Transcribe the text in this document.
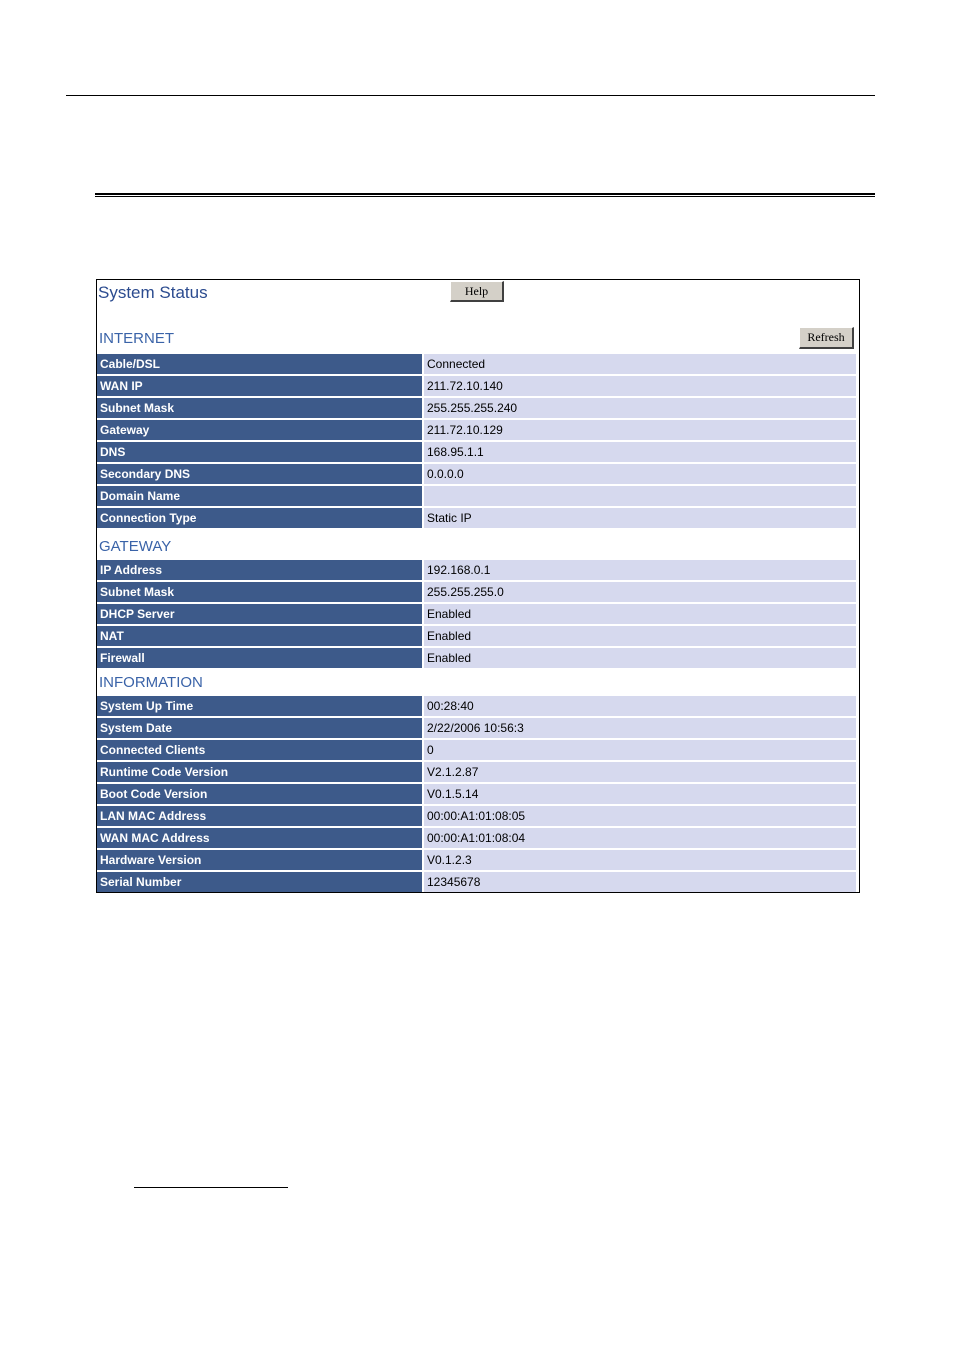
System Status	Help
Refresh
INTERNET
Cable/DSL	Connected
WAN IP	211.72.10.140
Subnet Mask	255.255.255.240
Gateway	211.72.10.129
DNS	168.95.1.1
Secondary DNS	0.0.0.0
Domain Name
Connection Type	Static IP
GATEWAY
IP Address	192.168.0.1
Subnet Mask	255.255.255.0
DHCP Server	Enabled
NAT	Enabled
Firewall	Enabled
INFORMATION
System Up Time	00:28:40
System Date	2/22/2006 10:56:3
Connected Clients	0
Runtime Code Version	V2.1.2.87
Boot Code Version	V0.1.5.14
LAN MAC Address	00:00:A1:01:08:05
WAN MAC Address	00:00:A1:01:08:04
Hardware Version	V0.1.2.3
Serial Number	12345678
